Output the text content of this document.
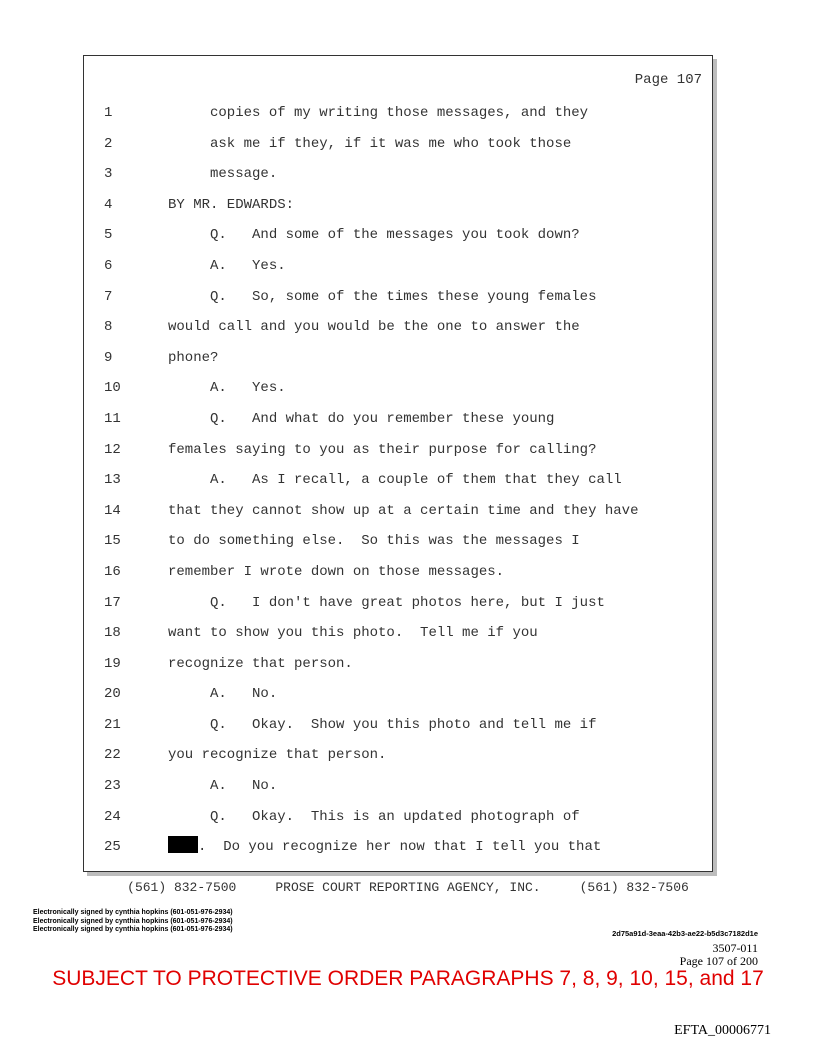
Page 107
1	copies of my writing those messages, and they
2	ask me if they, if it was me who took those
3	message.
4	BY MR. EDWARDS:
5	Q.   And some of the messages you took down?
6	A.   Yes.
7	Q.   So, some of the times these young females
8	would call and you would be the one to answer the
9	phone?
10	A.   Yes.
11	Q.   And what do you remember these young
12	females saying to you as their purpose for calling?
13	A.   As I recall, a couple of them that they call
14	that they cannot show up at a certain time and they have
15	to do something else.  So this was the messages I
16	remember I wrote down on those messages.
17	Q.   I don't have great photos here, but I just
18	want to show you this photo.  Tell me if you
19	recognize that person.
20	A.   No.
21	Q.   Okay.  Show you this photo and tell me if
22	you recognize that person.
23	A.   No.
24	Q.   Okay.  This is an updated photograph of
25	.  Do you recognize her now that I tell you that
(561) 832-7500     PROSE COURT REPORTING AGENCY, INC.     (561) 832-7506
Electronically signed by cynthia hopkins (601-051-976-2934)
Electronically signed by cynthia hopkins (601-051-976-2934)
Electronically signed by cynthia hopkins (601-051-976-2934)	2d75a91d-3eaa-42b3-ae22-b5d3c7182d1e
3507-011
Page 107 of 200
SUBJECT TO PROTECTIVE ORDER PARAGRAPHS 7, 8, 9, 10, 15, and 17
EFTA_00006771
